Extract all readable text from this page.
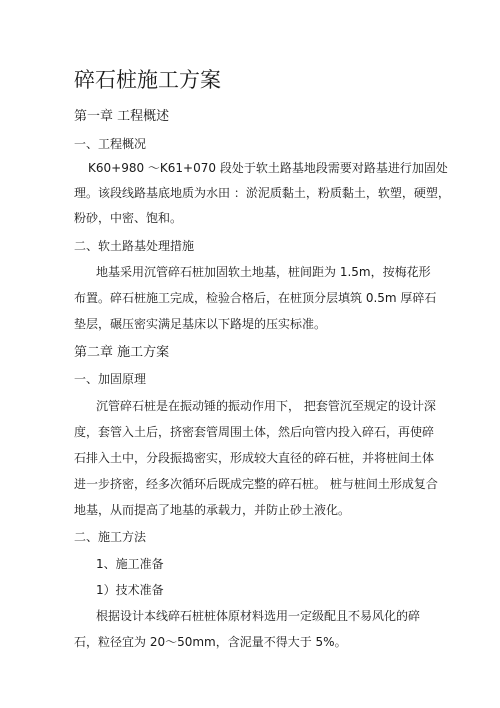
碎石桩施工方案
第一章 工程概述
一、工程概况
K60+980 ～K61+070 段处于软土路基地段需要对路基进行加固处
理。该段线路基底地质为水田 ：淤泥质黏土，粉质黏土，软塑，硬塑，
粉砂，中密、饱和。
二、软土路基处理措施
地基采用沉管碎石桩加固软土地基，桩间距为 1.5m，按梅花形
布置。碎石桩施工完成，检验合格后，在桩顶分层填筑 0.5m 厚碎石
垫层，碾压密实满足基床以下路堤的压实标准。
第二章 施工方案
一、加固原理
沉管碎石桩是在振动锤的振动作用下， 把套管沉至规定的设计深
度，套管入土后，挤密套管周围土体，然后向管内投入碎石，再使碎
石排入土中，分段振捣密实，形成较大直径的碎石桩，并将桩间土体
进一步挤密，经多次循环后既成完整的碎石桩。 桩与桩间土形成复合
地基，从而提高了地基的承载力，并防止砂土液化。
二、施工方法
1、施工准备
1）技术准备
根据设计本线碎石桩桩体原材料选用一定级配且不易风化的碎
石，粒径宜为 20～50mm，含泥量不得大于 5%。
